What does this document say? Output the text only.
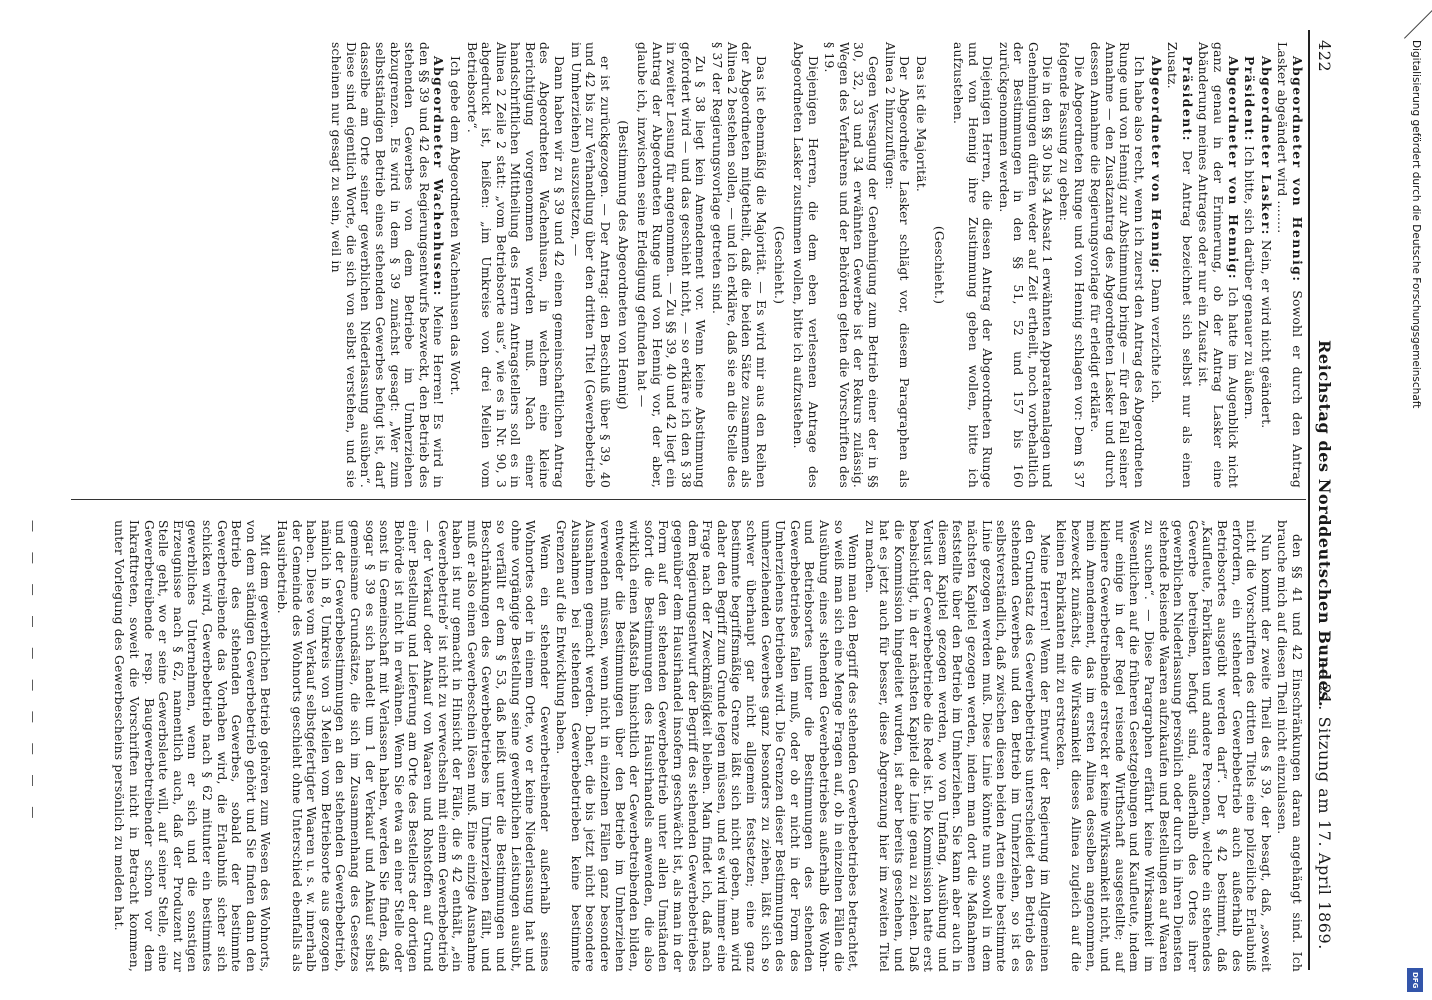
422
Reichstag des Norddeutschen Bundes.
— 21. Sitzung am 17. April 1869.

Abgeordneter von Hennig: Sowohl er durch den Antrag Lasker abgeändert wird ........

Abgeordneter Lasker: Nein, er wird nicht geändert.

Präsident: Ich bitte, sich darüber genauer zu äußern.

Abgeordneter von Hennig: Ich hatte im Augenblick nicht ganz genau in der Erinnerung, ob der Antrag Lasker eine Abänderung meines Antrages oder nur ein Zusatz ist.

Präsident: Der Antrag bezeichnet sich selbst nur als einen Zusatz.

Abgeordneter von Hennig: Dann verzichte ich.

Ich habe also recht, wenn ich zuerst den Antrag des Abgeordneten Runge und von Hennig zur Abstimmung bringe — für den Fall seiner Annahme — den Zusatzantrag des Abgeordneten Lasker und durch dessen Annahme die Regierungsvorlage für erledigt erkläre.

Die Abgeordneten Runge und von Hennig schlagen vor: Dem § 37 folgende Fassung zu geben:

Die in den §§ 30 bis 34 Absatz 1 erwähnten Apparatenanlagen und Genehmigungen dürfen weder auf Zeit ertheilt, noch vorbehaltlich der Bestimmungen in den §§ 51, 52 und 157 bis 160 zurückgenommen werden.

Diejenigen Herren, die diesen Antrag der Abgeordneten Runge und von Hennig ihre Zustimmung geben wollen, bitte ich aufzustehen.

(Geschieht.)

Das ist die Majorität.

Der Abgeordnete Lasker schlägt vor, diesem Paragraphen als Alinea 2 hinzuzufügen:

Gegen Versagung der Genehmigung zum Betrieb einer der in §§ 30, 32, 33 und 34 erwähnten Gewerbe ist der Rekurs zulässig. Wegen des Verfahrens und der Behörden gelten die Vorschriften des § 19.

Diejenigen Herren, die dem eben verlesenen Antrage des Abgeordneten Lasker zustimmen wollen, bitte ich aufzustehen.

(Geschieht.)

Das ist ebenmäßig die Majorität. — Es wird mir aus den Reihen der Abgeordneten mitgetheilt, daß die beiden Sätze zusammen als Alinea 2 bestehen sollen, — und ich erkläre, daß sie an die Stelle des § 37 der Regierungsvorlage getreten sind.

Zu § 38 liegt kein Amendement vor. Wenn keine Abstimmung gefordert wird — und das geschieht nicht, — so erkläre ich den § 38 in zweiter Lesung für angenommen. — Zu §§ 39, 40 und 42 liegt ein Antrag der Abgeordneten Runge und von Hennig vor, der aber, glaube ich, inzwischen seine Erledigung gefunden hat —

(Bestimmung des Abgeordneten von Hennig)

er ist zurückgezogen. — Der Antrag: den Beschluß über § 39, 40 und 42 bis zur Verhandlung über den dritten Titel (Gewerbebetrieb im Umherziehen) auszusetzen, —

Dann haben wir zu § 39 und 42 einen gemeinschaftlichen Antrag des Abgeordneten Wachenhusen, in welchem eine kleine Berichtigung vorgenommen worden muß. Nach einer handschriftlichen Mittheilung des Herrn Antragstellers soll es in Alinea 2 Zeile 2 statt: „vom Betriebsorte aus“, wie es in Nr. 90, 3 abgedruckt ist, heißen: „im Umkreise von drei Meilen vom Betriebsorte“.

Ich gebe dem Abgeordneten Wachenhusen das Wort.

Abgeordneter Wachenhusen: Meine Herren! Es wird in den §§ 39 und 42 des Regierungsentwurfs bezweckt, den Betrieb des stehenden Gewerbes von dem Betriebe im Umherziehen abzugrenzen. Es wird in dem § 39 zunächst gesagt: „Wer zum selbstständigen Betrieb eines stehenden Gewerbes befugt ist, darf dasselbe am Orte seiner gewerblichen Niederlassung ausüben“. Diese sind eigentlich Worte, die sich von selbst verstehen, und sie scheinen nur gesagt zu sein, weil in

den §§ 41 und 42 Einschränkungen daran angehängt sind. Ich brauche mich auf diesen Theil nicht einzulassen.

Nun kommt der zweite Theil des § 39, der besagt, daß, „soweit nicht die Vorschriften des dritten Titels eine polizeiliche Erlaubniß erfordern, ein stehender Gewerbebetrieb auch außerhalb des Betriebsortes ausgeübt werden darf“. Der § 42 bestimmt, daß „Kaufleute, Fabrikanten und andere Personen, welche ein stehendes Gewerbe betreiben, befugt sind, außerhalb des Ortes ihrer gewerblichen Niederlassung persönlich oder durch in ihren Diensten stehende Reisende Waaren aufzukaufen und Bestellungen auf Waaren zu suchen“. — Diese Paragraphen erfährt keine Wirksamkeit im Wesentlichen auf die früheren Gesetzgebungen und Kaufleute, indem nur einige in der Regel reisende Wirthschaft ausgestellte; auf kleinere Gewerbetreibende erstreckt er keine Wirksamkeit nicht, und mein Amendement, das im ersten Alinea desselben angenommen, bezweckt zunächst, die Wirksamkeit dieses Alinea zugleich auf die kleinen Fabrikanten mit zu erstrecken.

Meine Herren! Wenn der Entwurf der Regierung im Allgemeinen den Grundsatz des Gewerbebetriebs unterscheidet den Betrieb des stehenden Gewerbes und den Betrieb im Umherziehen, so ist es selbstverständlich, daß zwischen diesen beiden Arten eine bestimmte Linie gezogen werden muß. Diese Linie könnte nun sowohl in dem nächsten Kapitel gezogen werden, indem man dort die Maßnahmen feststellte über den Betrieb im Umherziehen. Sie kann aber auch in diesem Kapitel gezogen werden, wo von Umfang, Ausübung und Verlust der Gewerbebetriebe die Rede ist. Die Kommission hatte erst beabsichtigt, in der nächsten Kapitel die Linie genau zu ziehen. Daß die Kommission hingeleitet wurden, ist aber bereits geschehen, und hat es jetzt auch für besser, diese Abgrenzung hier im zweiten Titel zu machen.

Wenn man den Begriff des stehenden Gewerbebetriebes betrachtet, so weiß man sich eine Menge Fragen auf, ob in einzelnen Fällen die Ausübung eines stehenden Gewerbebetriebes außerhalb des Wohn- und Betriebsortes unter die Bestimmungen des stehenden Gewerbebetriebes fallen muß, oder ob er nicht in der Form des Umherziehens betrieben wird. Die Grenzen dieser Bestimmungen des umherziehenden Gewerbes ganz besonders zu ziehen, läßt sich so schwer überhaupt gar nicht allgemein festsetzen; eine ganz bestimmte begriffsmäßige Grenze läßt sich nicht geben, man wird daher den Begriff zum Grunde legen müssen, und es wird immer eine Frage nach der Zweckmäßigkeit bleiben. Man findet ich, daß nach dem Regierungsentwurf der Begriff des stehenden Gewerbebetriebes gegenüber dem Hausirhandel insofern geschwächt ist, als man in der Form auf den stehenden Gewerbebetrieb unter allen Umständen sofort die Bestimmungen des Hausirhandels anwenden, die also wirklich einen Maßstab hinsichtlich der Gewerbetreibenden bilden, entweder die Bestimmungen über den Betrieb im Umherziehen verwenden müssen, wenn nicht in einzelnen Fällen ganz besondere Ausnahmen gemacht werden. Daher, die bis jetzt nicht besondere Ausnahmen bei stehenden Gewerbebetrieben keine bestimmte Grenzen auf die Entwicklung haben.

Wenn ein stehender Gewerbetreibender außerhalb seines Wohnortes oder in einem Orte, wo er keine Niederlassung hat und ohne vorgängige Bestellung seine gewerblichen Leistungen ausübt, so verfällt er dem § 53, daß heißt unter die Bestimmungen und Beschränkungen des Gewerbebetriebes im Umherziehen fällt, und muß er also einen Gewerbeschein lösen muß. Eine einzige Ausnahme haben ist nur gemacht in Hinsicht der Fälle, die § 42 enthält, „ein Gewerbebetrieb“ ist nicht zu verwechseln mit einem Gewerbebetrieb — der Verkauf oder Ankauf von Waaren und Rohstoffen auf Grund einer Bestellung und Lieferung am Orte des Bestellers der dortigen Behörde ist nicht in erwähnen. Wenn Sie etwa an einer Stelle oder sonst in Gemeinschaft mit Verlassen haben, werden Sie finden, daß sogar § 39 es sich handelt um 1 der Verkauf und Ankauf selbst gemeinsame Grundsätze, die sich im Zusammenhang des Gesetzes und der Gewerbebestimmungen an den stehenden Gewerbebetrieb, nämlich in 8, Umkreis von 3 Meilen vom Betriebsorte aus gezogen haben. Diese vom Verkauf selbstgefertigter Waaren u. s. w. innerhalb der Gemeinde des Wohnorts geschieht ohne Unterschied ebenfalls als Hausirbetrieb.

Mit dem gewerblichen Betrieb gehören zum Wesen des Wohnorts, von dem ständigen Gewerbebetrieb gehört und Sie finden dann den Betrieb des stehenden Gewerbes, sobald der bestimmte Gewerbetreibende das Vorhaben wird, die Erlaubniß sicher sich schicken wird, Gewerbebetrieb nach § 62 mitunter ein bestimmtes gewerbliches Unternehmen, wenn er sich und die sonstigen Erzeugnisse nach § 62, namentlich auch, daß der Produzent zur Stelle geht, wo er seine Gewerbsleute will, auf seiner Stelle, eine Gewerbetreibende resp. Baugewerbetreibender schon vor dem Inkrafttreten, soweit die Vorschriften nicht in Betracht kommen, unter Vorlegung des Gewerbescheins persönlich zu melden hat.

— — — — — — — — — —
Digitalisierung gefördert durch die Deutsche Forschungsgemeinschaft
DFG
